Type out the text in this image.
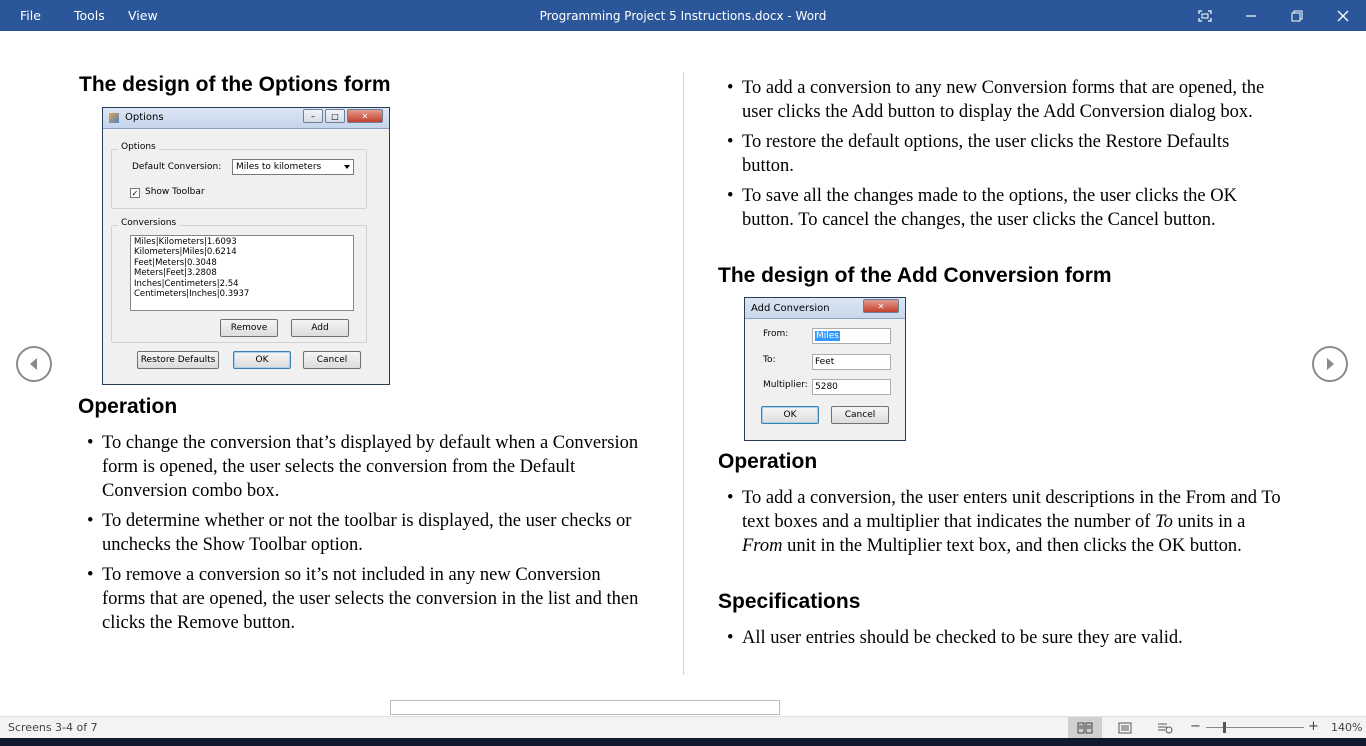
File	Tools View	Programming Project 5 Instructions.docx - Word
The design of the Options form
Options	–	□	✕
Options
Default Conversion:	Miles to kilometers
✓ Show Toolbar
Conversions
Miles|Kilometers|1.6093
Kilometers|Miles|0.6214
Feet|Meters|0.3048
Meters|Feet|3.2808
Inches|Centimeters|2.54
Centimeters|Inches|0.3937
Remove	Add
Restore Defaults	OK	Cancel
Operation
• To change the conversion that’s displayed by default when a Conversion form is opened, the user selects the conversion from the Default Conversion combo box.
• To determine whether or not the toolbar is displayed, the user checks or unchecks the Show Toolbar option.
• To remove a conversion so it’s not included in any new Conversion forms that are opened, the user selects the conversion in the list and then clicks the Remove button.
• To add a conversion to any new Conversion forms that are opened, the user clicks the Add button to display the Add Conversion dialog box.
• To restore the default options, the user clicks the Restore Defaults button.
• To save all the changes made to the options, the user clicks the OK button. To cancel the changes, the user clicks the Cancel button.
The design of the Add Conversion form
Add Conversion	✕
From:	Miles
To:	Feet
Multiplier: 5280
OK	Cancel
Operation
• To add a conversion, the user enters unit descriptions in the From and To text boxes and a multiplier that indicates the number of To units in a From unit in the Multiplier text box, and then clicks the OK button.
Specifications
• All user entries should be checked to be sure they are valid.
Screens 3-4 of 7	−	+ 140%
